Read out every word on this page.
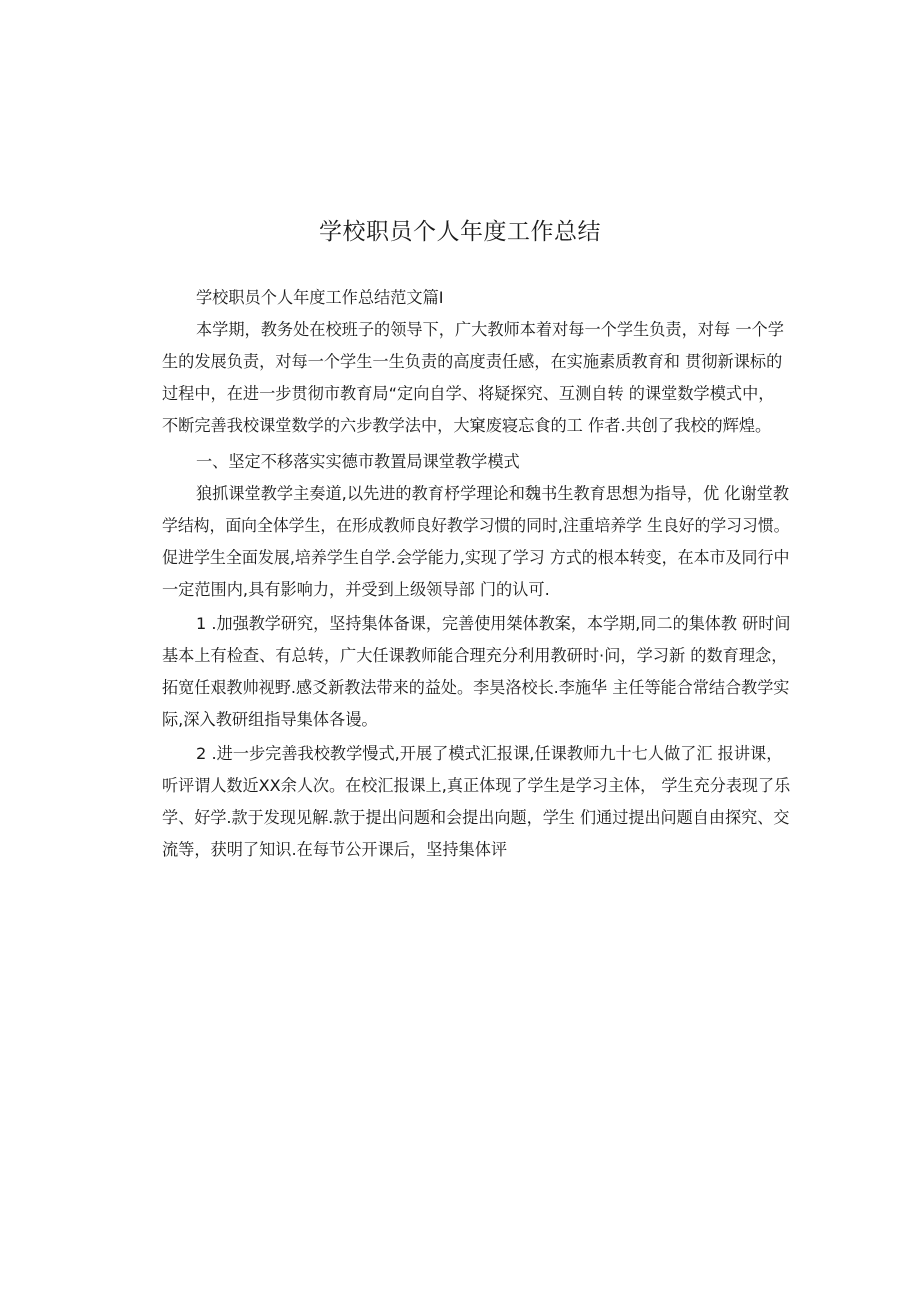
学校职员个人年度工作总结
学校职员个人年度工作总结范文篇I
本学期，教务处在校班子的领导下，广大教师本着对每一个学生负责，对每 一个学
生的发展负责，对每一个学生一生负责的高度责任感，在实施素质教育和 贯彻新课标的
过程中，在进一步贯彻市教育局“定向自学、将疑探究、互测自转 的课堂数学模式中，
不断完善我校课堂数学的六步教学法中，大窠废寝忘食的工 作者.共创了我校的辉煌。
一、坚定不移落实实德市教置局课堂教学模式
狼抓课堂教学主奏道,以先进的教育杼学理论和魏书生教育思想为指导，优 化谢堂教
学结构，面向全体学生，在形成教师良好教学习惯的同时,注重培养学 生良好的学习习惯。
促进学生全面发展,培养学生自学.会学能力,实现了学习 方式的根本转变，在本市及同行中
一定范围内,具有影响力，并受到上级领导部 门的认可.
1 .加强教学研究，坚持集体备课，完善使用桀体教案，本学期,同二的集体教 研时间
基本上有检查、有总转，广大任课教师能合理充分利用教研时·问，学习新 的数育理念，
拓宽任艰教帅视野.感爻新教法带来的益处。李昊洛校长.李施华 主任等能合常结合教学实
际,深入教研组指导集体各谩。
2 .进一步完善我校教学慢式,开展了模式汇报课,任课教师九十七人做了汇 报讲课，
听评谓人数近XX余人次。在校汇报课上,真正体现了学生是学习主体， 学生充分表现了乐
学、好学.款于发现见解.款于提出问题和会提出向题，学生 们通过提出问题自由探究、交
流等，获明了知识.在每节公开课后，坚持集体评
